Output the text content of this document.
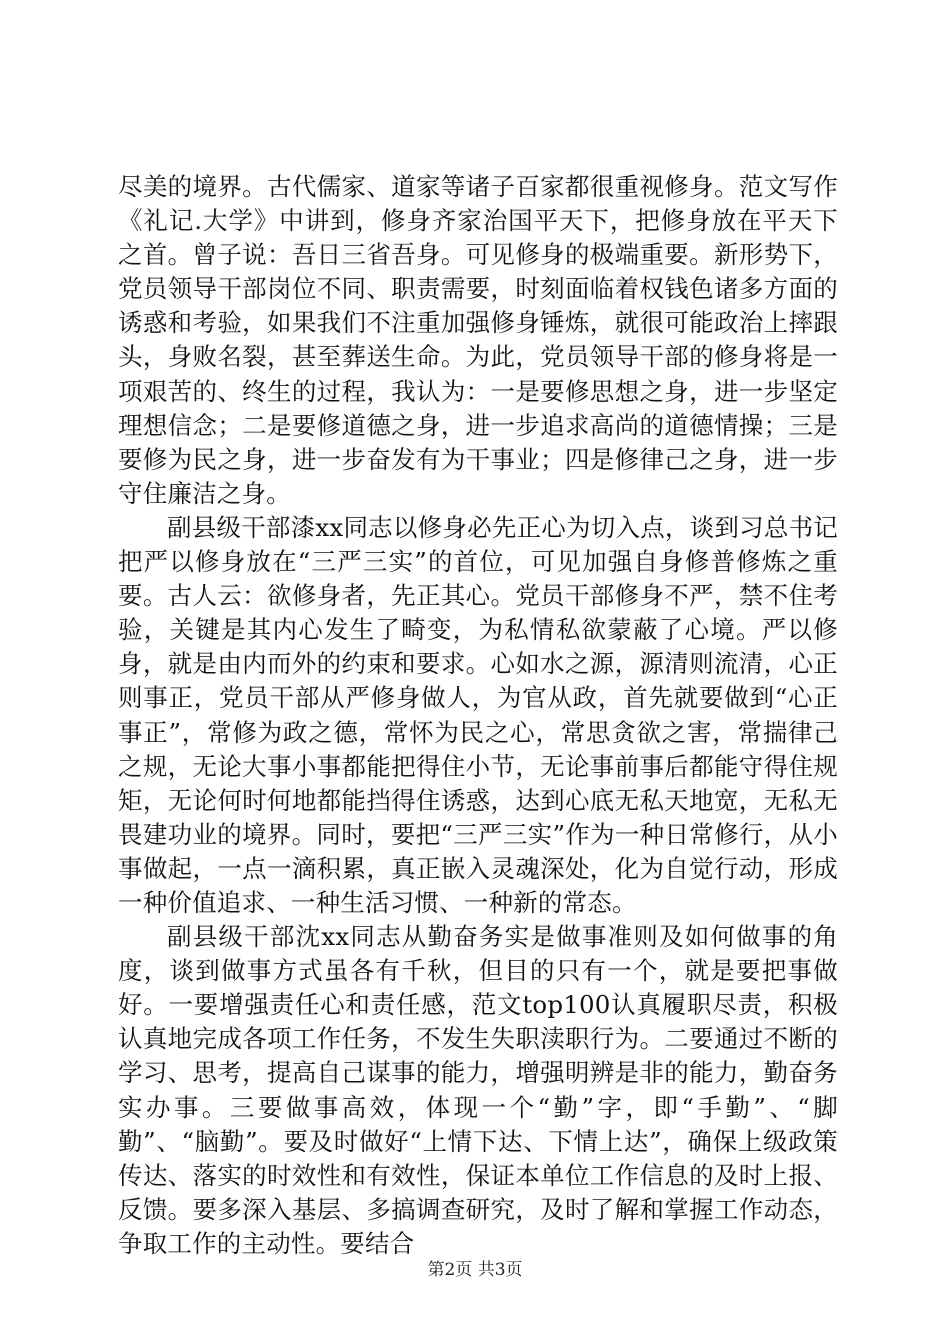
尽美的境界。古代儒家、道家等诸子百家都很重视修身。范文写作《礼记.大学》中讲到，修身齐家治国平天下，把修身放在平天下之首。曾子说：吾日三省吾身。可见修身的极端重要。新形势下，党员领导干部岗位不同、职责需要，时刻面临着权钱色诸多方面的诱惑和考验，如果我们不注重加强修身锤炼，就很可能政治上摔跟头，身败名裂，甚至葬送生命。为此，党员领导干部的修身将是一项艰苦的、终生的过程，我认为：一是要修思想之身，进一步坚定理想信念；二是要修道德之身，进一步追求高尚的道德情操；三是要修为民之身，进一步奋发有为干事业；四是修律己之身，进一步守住廉洁之身。

副县级干部漆xx同志以修身必先正心为切入点，谈到习总书记把严以修身放在“三严三实”的首位，可见加强自身修普修炼之重要。古人云：欲修身者，先正其心。党员干部修身不严，禁不住考验，关键是其内心发生了畸变，为私情私欲蒙蔽了心境。严以修身，就是由内而外的约束和要求。心如水之源，源清则流清，心正则事正，党员干部从严修身做人，为官从政，首先就要做到“心正事正”，常修为政之德，常怀为民之心，常思贪欲之害，常揣律己之规，无论大事小事都能把得住小节，无论事前事后都能守得住规矩，无论何时何地都能挡得住诱惑，达到心底无私天地宽，无私无畏建功业的境界。同时，要把“三严三实”作为一种日常修行，从小事做起，一点一滴积累，真正嵌入灵魂深处，化为自觉行动，形成一种价值追求、一种生活习惯、一种新的常态。

副县级干部沈xx同志从勤奋务实是做事准则及如何做事的角度，谈到做事方式虽各有千秋，但目的只有一个，就是要把事做好。一要增强责任心和责任感，范文top100认真履职尽责，积极认真地完成各项工作任务，不发生失职渎职行为。二要通过不断的学习、思考，提高自己谋事的能力，增强明辨是非的能力，勤奋务实办事。三要做事高效，体现一个“勤”字，即“手勤”、“脚勤”、“脑勤”。要及时做好“上情下达、下情上达”，确保上级政策传达、落实的时效性和有效性，保证本单位工作信息的及时上报、反馈。要多深入基层、多搞调查研究，及时了解和掌握工作动态，争取工作的主动性。要结合

第2页 共3页
